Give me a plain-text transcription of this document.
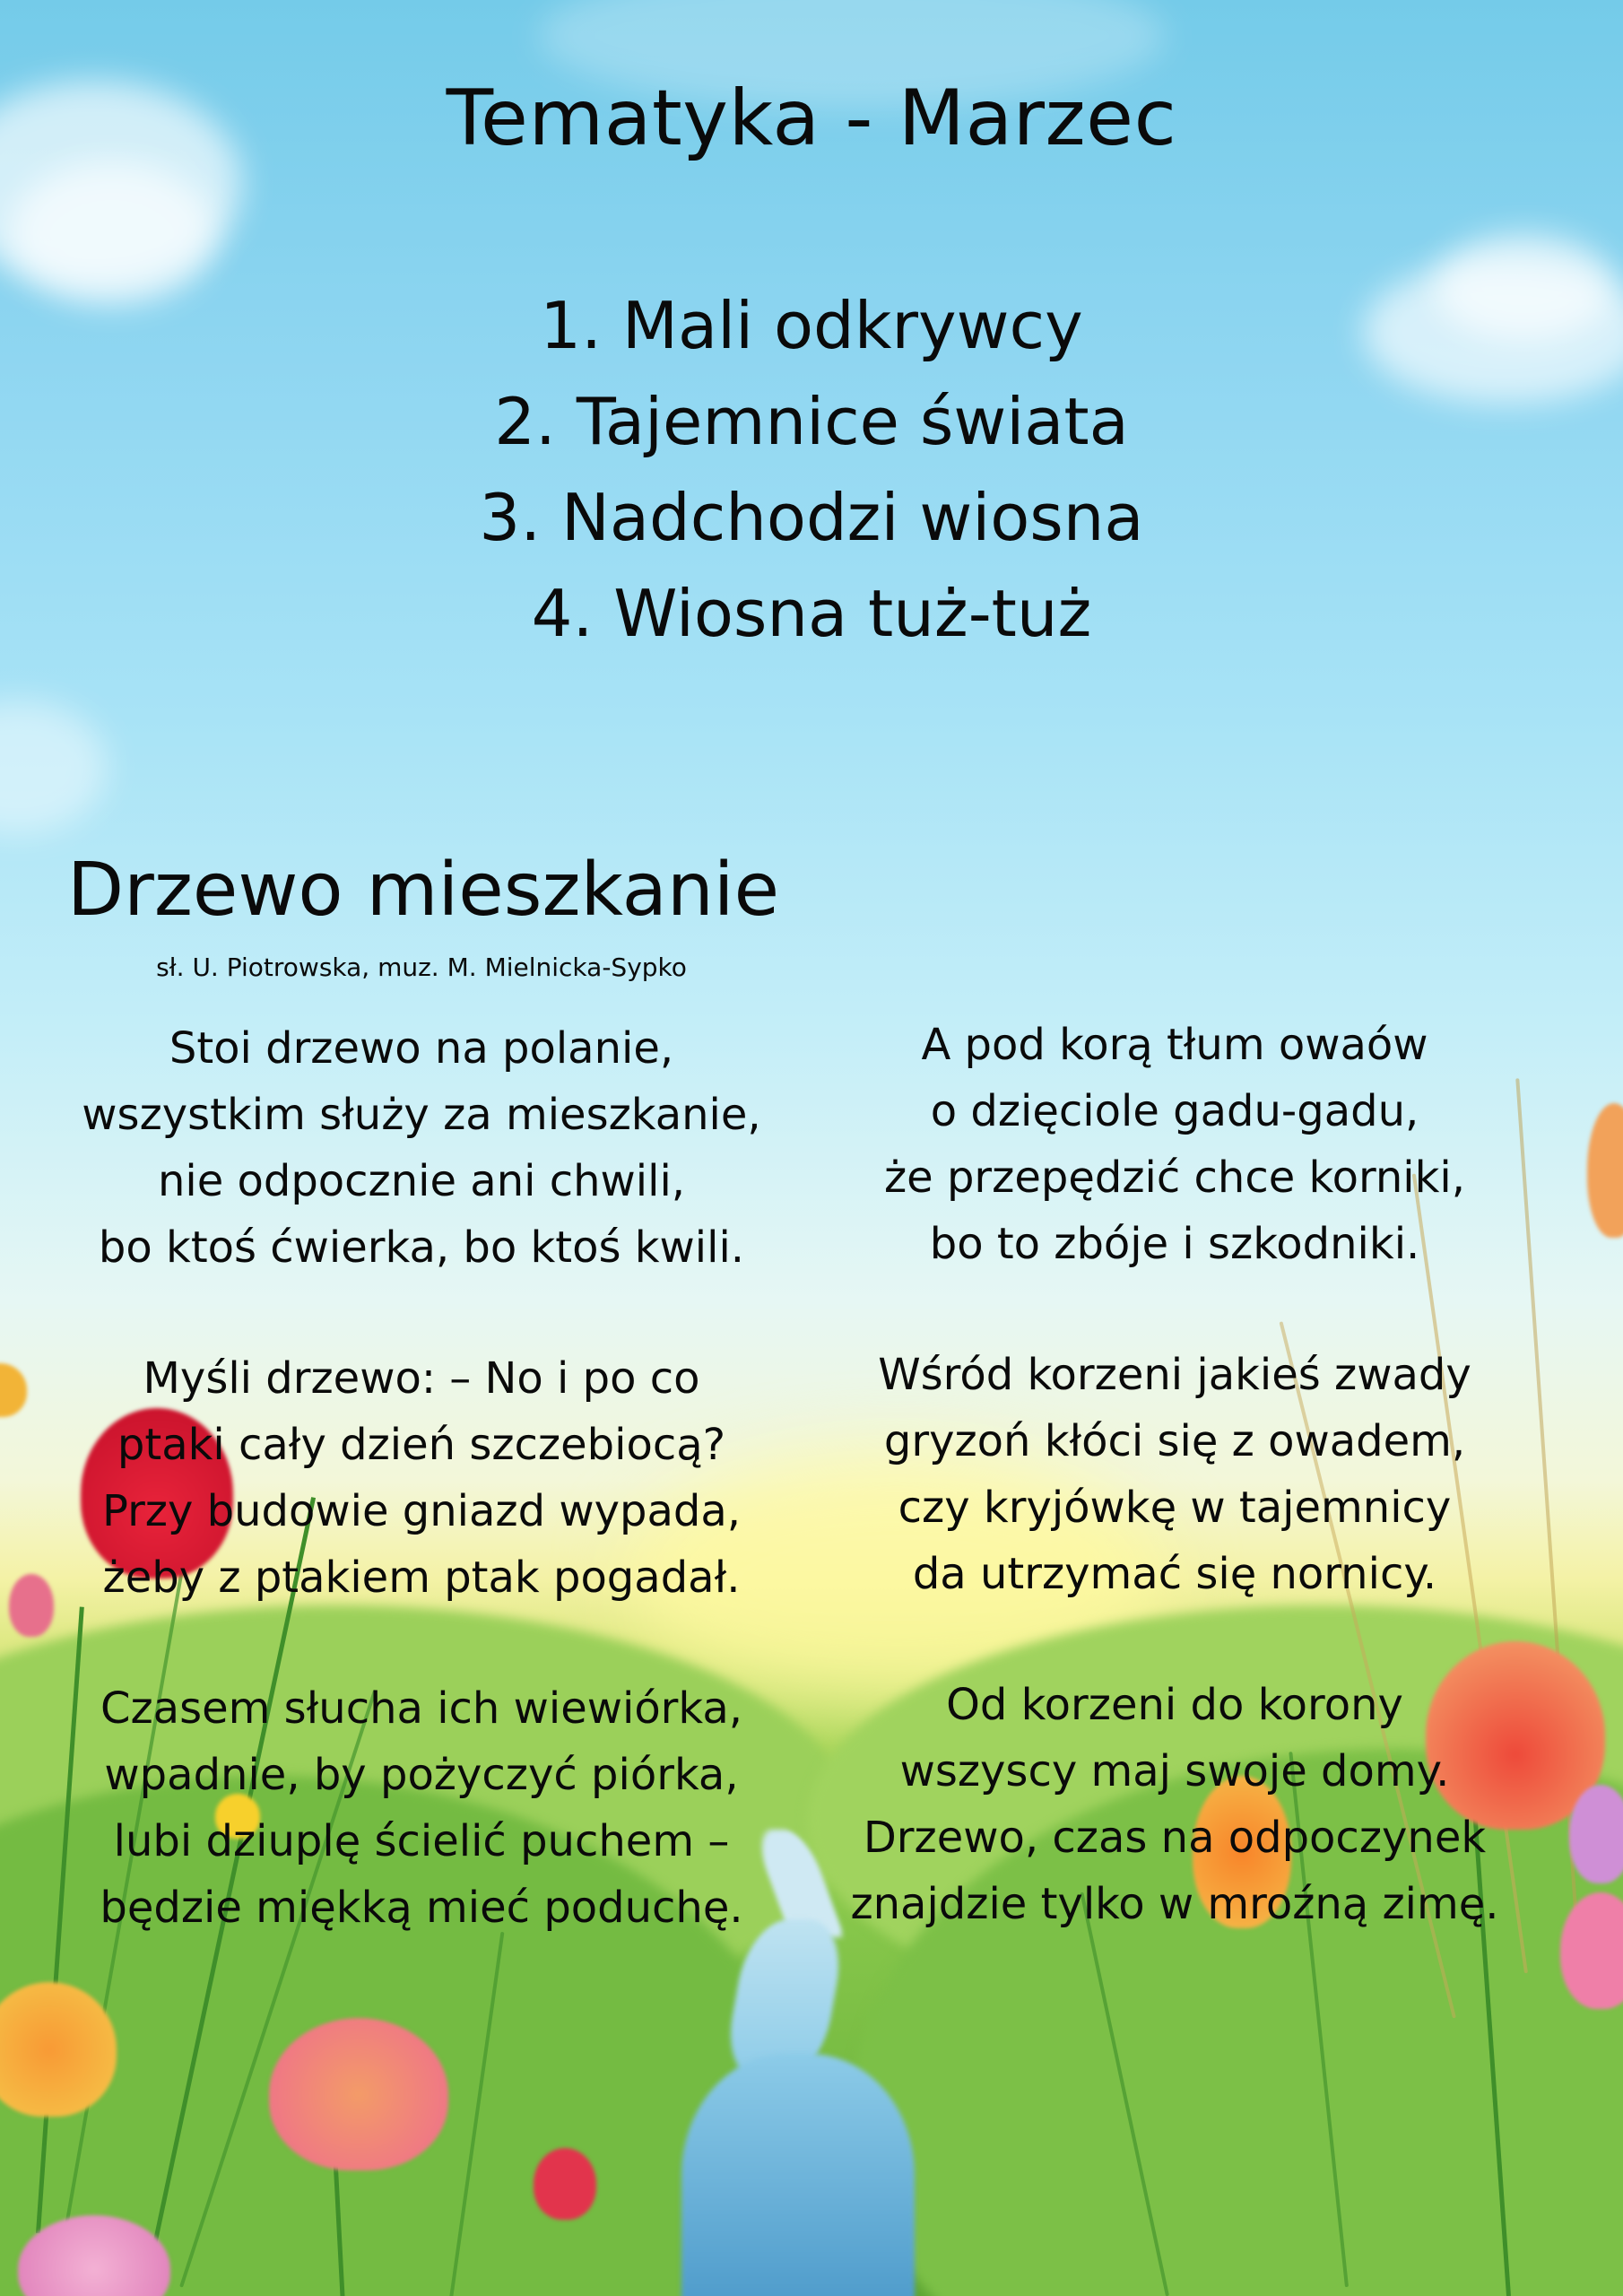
Tematyka - Marzec
1. Mali odkrywcy
2. Tajemnice świata
3. Nadchodzi wiosna
4. Wiosna tuż-tuż
Drzewo mieszkanie
sł. U. Piotrowska, muz. M. Mielnicka-Sypko

Stoi drzewo na polanie,
wszystkim służy za mieszkanie,
nie odpocznie ani chwili,
bo ktoś ćwierka, bo ktoś kwili.

Myśli drzewo: – No i po co
ptaki cały dzień szczebiocą?
Przy budowie gniazd wypada,
żeby z ptakiem ptak pogadał.

Czasem słucha ich wiewiórka,
wpadnie, by pożyczyć piórka,
lubi dziuplę ścielić puchem –
będzie miękką mieć poduchę.

A pod korą tłum owaów
o dzięciole gadu-gadu,
że przepędzić chce korniki,
bo to zbóje i szkodniki.

Wśród korzeni jakieś zwady
gryzoń kłóci się z owadem,
czy kryjówkę w tajemnicy
da utrzymać się nornicy.

Od korzeni do korony
wszyscy maj swoje domy.
Drzewo, czas na odpoczynek
znajdzie tylko w mroźną zimę.
